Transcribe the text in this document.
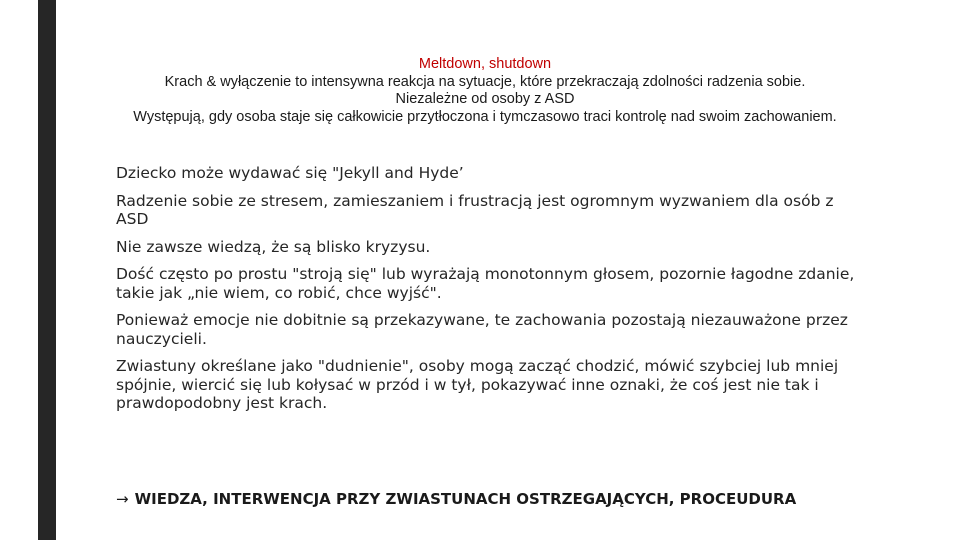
Meltdown, shutdown

Krach & wyłączenie to intensywna reakcja na sytuacje, które przekraczają zdolności radzenia sobie.

Niezależne od osoby z ASD

Występują, gdy osoba staje się całkowicie przytłoczona i tymczasowo traci kontrolę nad swoim zachowaniem.

Dziecko może wydawać się "Jekyll and Hyde’

Radzenie sobie ze stresem, zamieszaniem i frustracją jest ogromnym wyzwaniem dla osób z ASD

Nie zawsze wiedzą, że są blisko kryzysu.

Dość często po prostu "stroją się" lub wyrażają monotonnym głosem, pozornie łagodne zdanie, takie jak „nie wiem, co robić, chce wyjść".

Ponieważ emocje nie dobitnie są przekazywane, te zachowania pozostają niezauważone przez nauczycieli.

Zwiastuny określane jako "dudnienie", osoby mogą zacząć chodzić, mówić szybciej lub mniej spójnie, wiercić się lub kołysać w przód i w tył, pokazywać inne oznaki, że coś jest nie tak i prawdopodobny jest krach.

→ WIEDZA, INTERWENCJA PRZY ZWIASTUNACH OSTRZEGAJĄCYCH, PROCEUDURA
